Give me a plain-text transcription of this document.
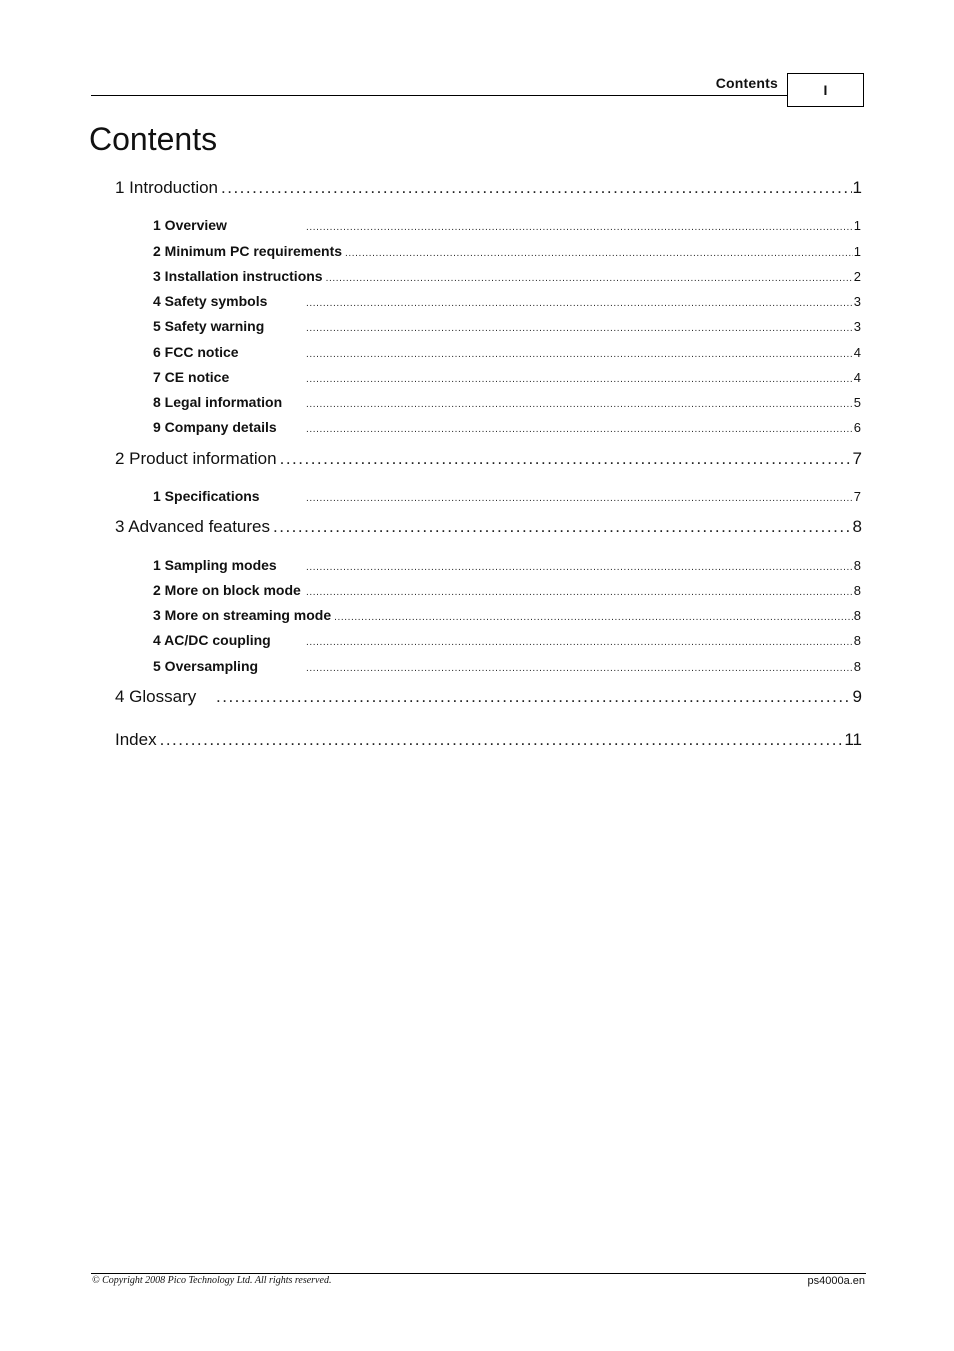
Contents	I
Contents
1 Introduction .....	1
1 Overview .....	1
2 Minimum PC requirements .....	1
3 Installation instructions .....	2
4 Safety symbols .....	3
5 Safety warning .....	3
6 FCC notice .....	4
7 CE notice .....	4
8 Legal information .....	5
9 Company details .....	6
2 Product information .....	7
1 Specifications .....	7
3 Advanced features .....	8
1 Sampling modes .....	8
2 More on block mode .....	8
3 More on streaming mode .....	8
4 AC/DC coupling .....	8
5 Oversampling .....	8
4 Glossary .....	9
Index .....	11
© Copyright 2008 Pico Technology Ltd. All rights reserved.	ps4000a.en
